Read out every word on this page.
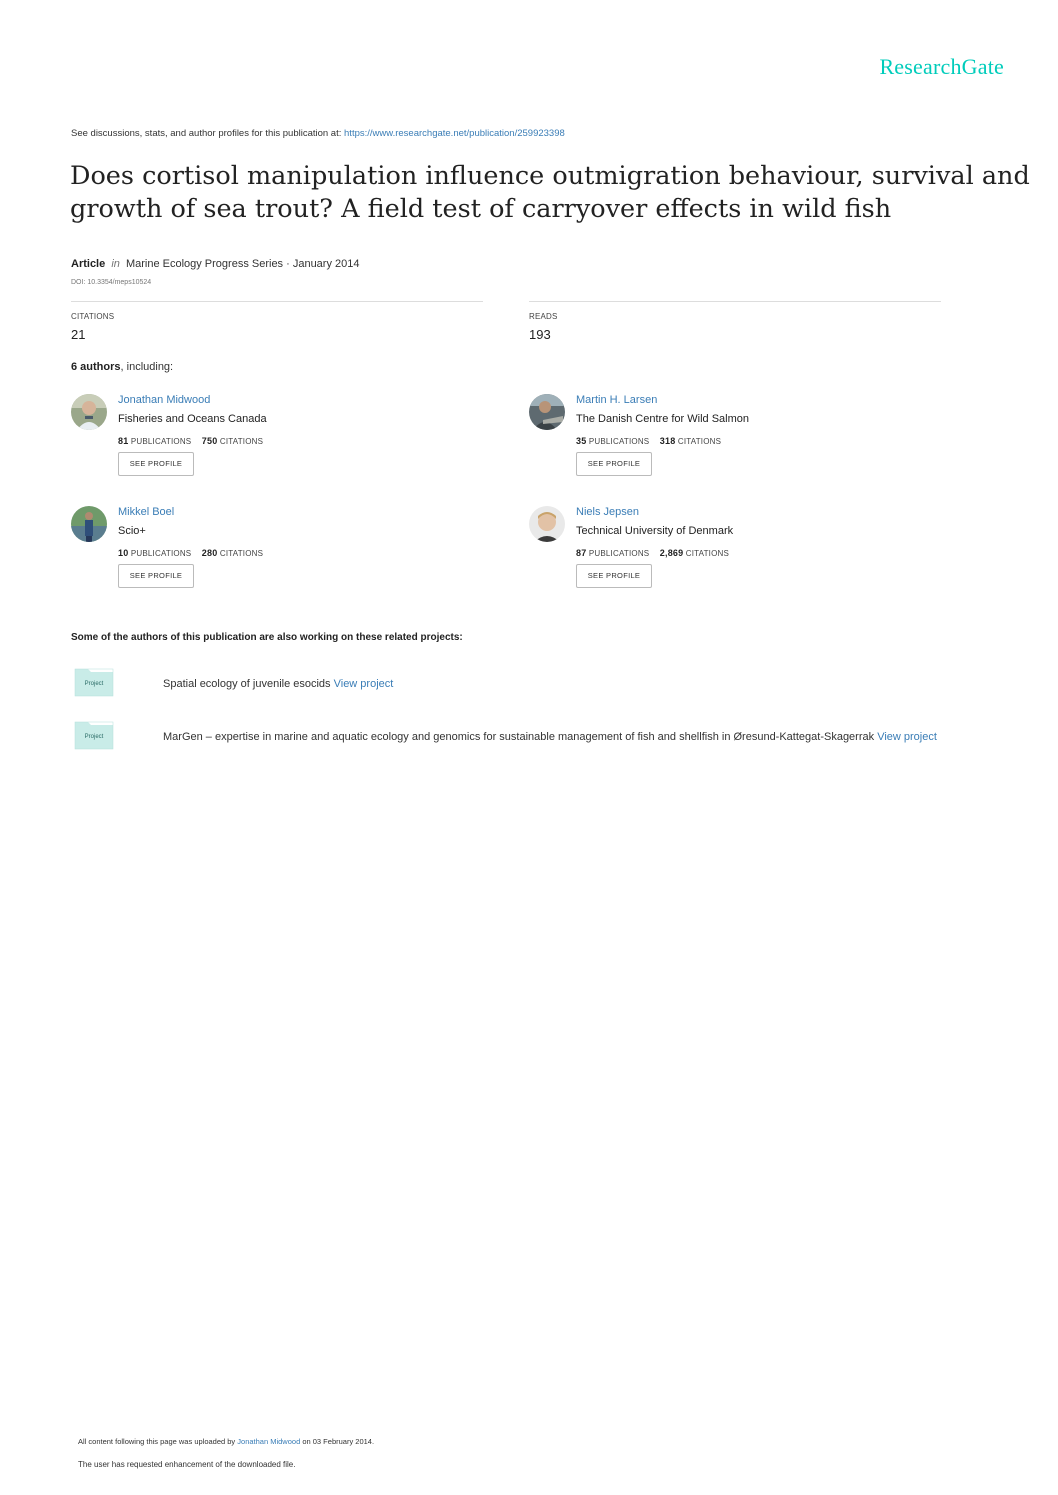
ResearchGate
See discussions, stats, and author profiles for this publication at: https://www.researchgate.net/publication/259923398
Does cortisol manipulation influence outmigration behaviour, survival and
growth of sea trout? A field test of carryover effects in wild fish
Article in Marine Ecology Progress Series · January 2014
DOI: 10.3354/meps10524
CITATIONS
21
READS
193
6 authors, including:
Jonathan Midwood
Fisheries and Oceans Canada
81 PUBLICATIONS 750 CITATIONS
SEE PROFILE
Martin H. Larsen
The Danish Centre for Wild Salmon
35 PUBLICATIONS 318 CITATIONS
SEE PROFILE
Mikkel Boel
Scio+
10 PUBLICATIONS 280 CITATIONS
SEE PROFILE
Niels Jepsen
Technical University of Denmark
87 PUBLICATIONS 2,869 CITATIONS
SEE PROFILE
Some of the authors of this publication are also working on these related projects:
Project	Spatial ecology of juvenile esocids View project
Project	MarGen – expertise in marine and aquatic ecology and genomics for sustainable management of fish and shellfish in Øresund-Kattegat-Skagerrak View project
All content following this page was uploaded by Jonathan Midwood on 03 February 2014.
The user has requested enhancement of the downloaded file.
